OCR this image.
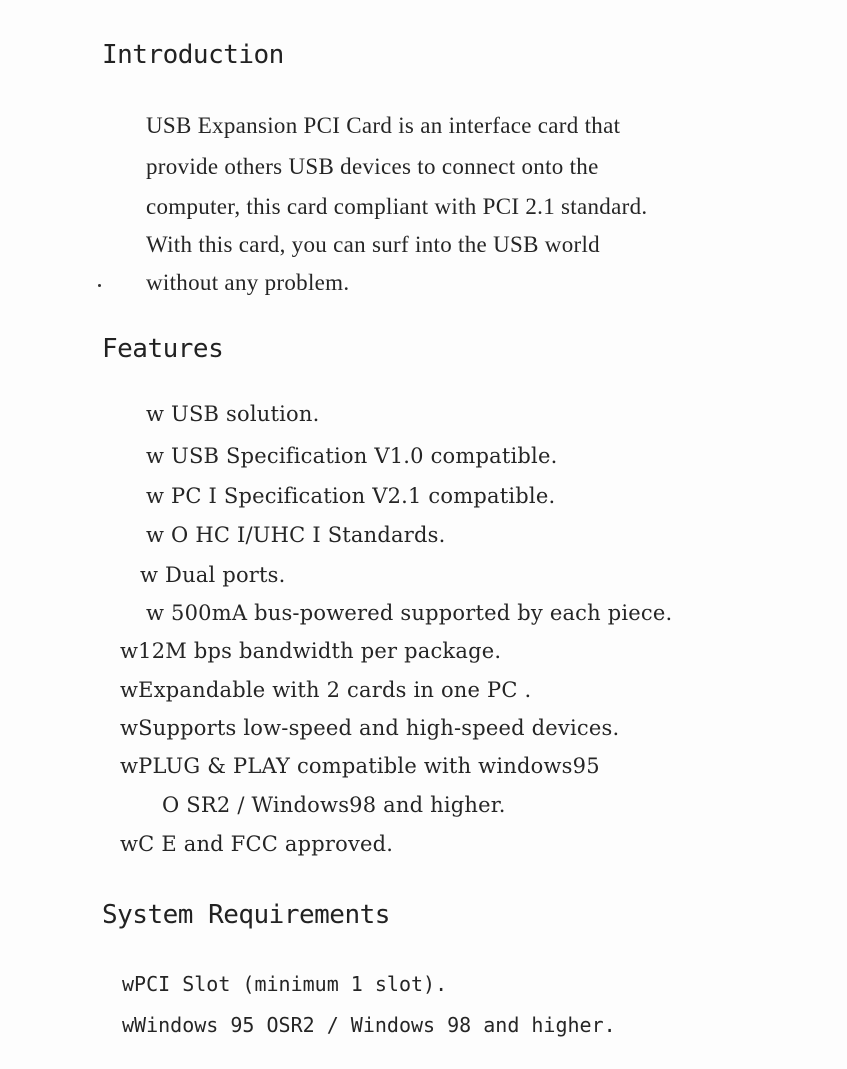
Introduction

USB Expansion PCI Card is an interface card that

provide others USB devices to connect onto the

computer, this card compliant with PCI 2.1 standard.

With this card, you can surf into the USB world

without any problem.

Features

w USB solution.

w USB Specification V1.0 compatible.

w PC I Specification V2.1 compatible.

w O HC I/UHC I Standards.

w Dual ports.

w 500mA bus-powered supported by each piece.

w12M bps bandwidth per package.

wExpandable with 2 cards in one PC .

wSupports low-speed and high-speed devices.

wPLUG & PLAY compatible with windows95

O SR2 / Windows98 and higher.

wC E and FCC approved.

System Requirements

wPCI Slot (minimum 1 slot).

wWindows 95 OSR2 / Windows 98 and higher.
